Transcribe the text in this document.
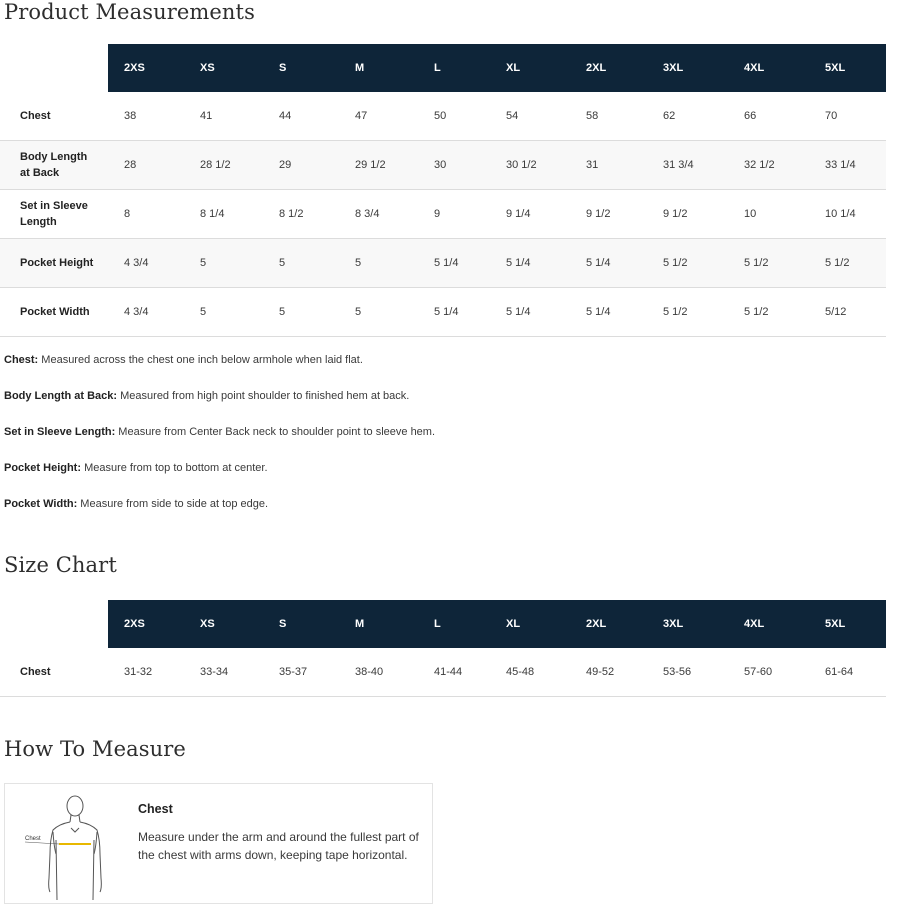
Product Measurements
	2XS	XS	S	M	L	XL	2XL	3XL	4XL	5XL
Chest	38	41	44	47	50	54	58	62	66	70
Body Length at Back	28	28 1/2	29	29 1/2	30	30 1/2	31	31 3/4	32 1/2	33 1/4
Set in Sleeve Length	8	8 1/4	8 1/2	8 3/4	9	9 1/4	9 1/2	9 1/2	10	10 1/4
Pocket Height	4 3/4	5	5	5	5 1/4	5 1/4	5 1/4	5 1/2	5 1/2	5 1/2
Pocket Width	4 3/4	5	5	5	5 1/4	5 1/4	5 1/4	5 1/2	5 1/2	5/12
Chest: Measured across the chest one inch below armhole when laid flat.
Body Length at Back: Measured from high point shoulder to finished hem at back.
Set in Sleeve Length: Measure from Center Back neck to shoulder point to sleeve hem.
Pocket Height: Measure from top to bottom at center.
Pocket Width: Measure from side to side at top edge.
Size Chart
	2XS	XS	S	M	L	XL	2XL	3XL	4XL	5XL
Chest	31-32	33-34	35-37	38-40	41-44	45-48	49-52	53-56	57-60	61-64
How To Measure
Chest
Chest
Measure under the arm and around the fullest part of the chest with arms down, keeping tape horizontal.
